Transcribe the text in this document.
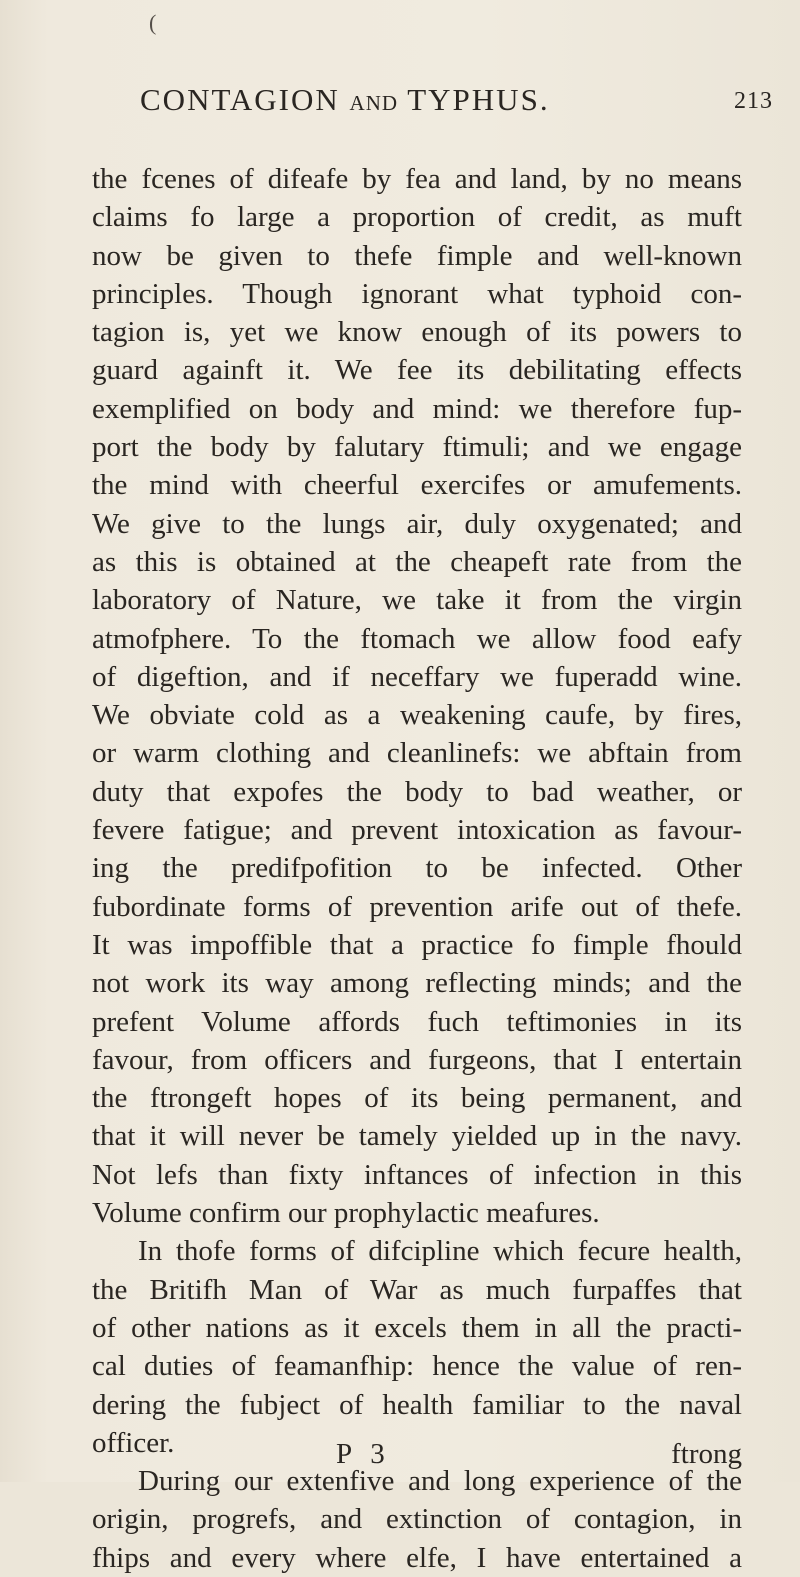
(
CONTAGION AND TYPHUS.	213
the fcenes of difeafe by fea and land, by no means
claims fo large a proportion of credit, as muft
now be given to thefe fimple and well-known
principles. Though ignorant what typhoid con-
tagion is, yet we know enough of its powers to
guard againft it. We fee its debilitating effects
exemplified on body and mind: we therefore fup-
port the body by falutary ftimuli; and we engage
the mind with cheerful exercifes or amufements.
We give to the lungs air, duly oxygenated; and
as this is obtained at the cheapeft rate from the
laboratory of Nature, we take it from the virgin
atmofphere. To the ftomach we allow food eafy
of digeftion, and if neceffary we fuperadd wine.
We obviate cold as a weakening caufe, by fires,
or warm clothing and cleanlinefs: we abftain from
duty that expofes the body to bad weather, or
fevere fatigue; and prevent intoxication as favour-
ing the predifpofition to be infected. Other
fubordinate forms of prevention arife out of thefe.
It was impoffible that a practice fo fimple fhould
not work its way among reflecting minds; and the
prefent Volume affords fuch teftimonies in its
favour, from officers and furgeons, that I entertain
the ftrongeft hopes of its being permanent, and
that it will never be tamely yielded up in the navy.
Not lefs than fixty inftances of infection in this
Volume confirm our prophylactic meafures.
In thofe forms of difcipline which fecure health,
the Britifh Man of War as much furpaffes that
of other nations as it excels them in all the practi-
cal duties of feamanfhip: hence the value of ren-
dering the fubject of health familiar to the naval
officer.
During our extenfive and long experience of the
origin, progrefs, and extinction of contagion, in
fhips and every where elfe, I have entertained a
P 3	ftrong
